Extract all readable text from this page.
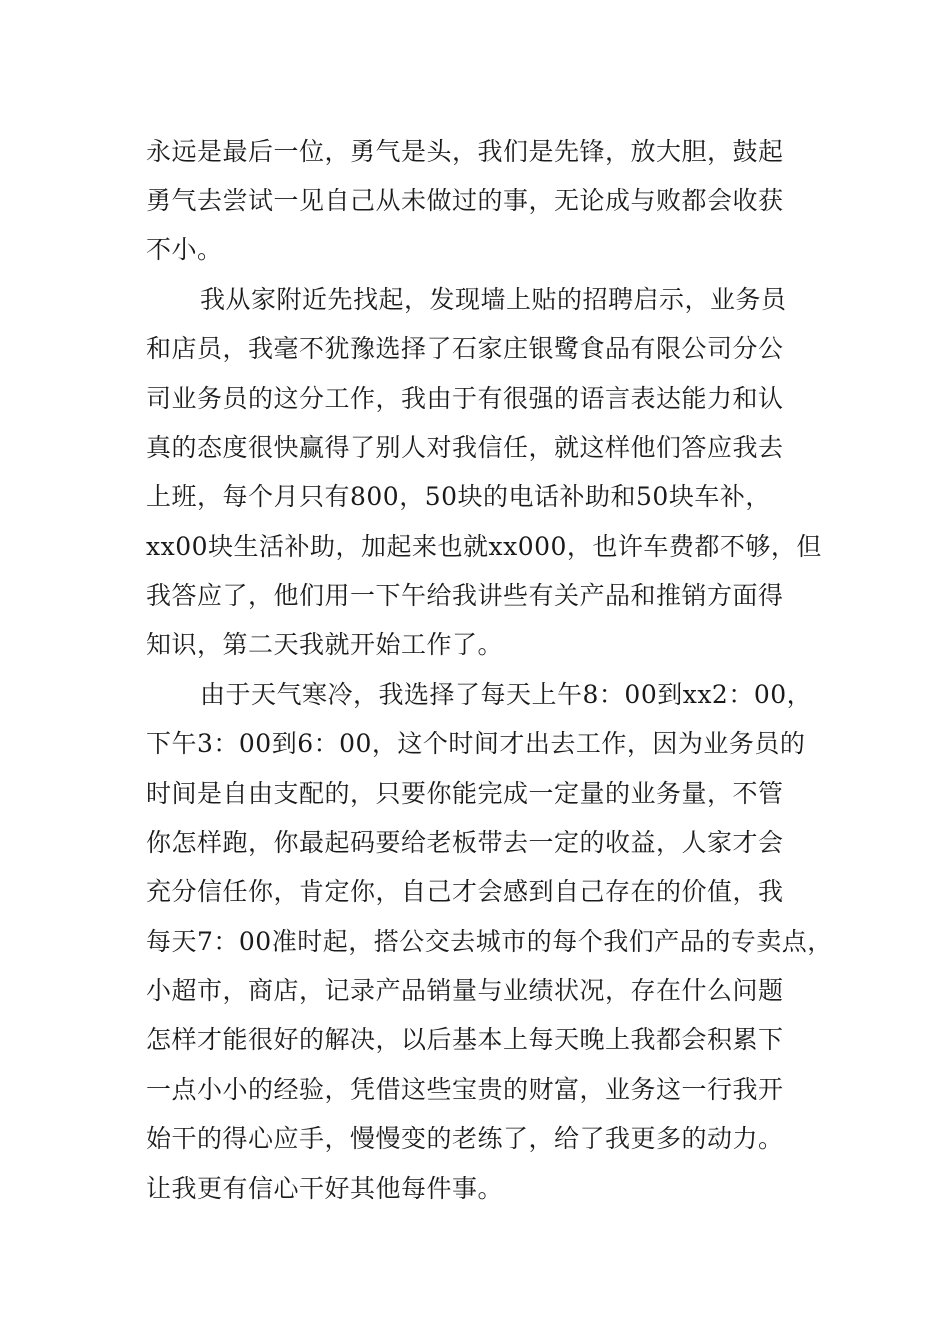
永远是最后一位，勇气是头，我们是先锋，放大胆，鼓起
勇气去尝试一见自己从未做过的事，无论成与败都会收获
不小。
我从家附近先找起，发现墙上贴的招聘启示，业务员
和店员，我毫不犹豫选择了石家庄银鹭食品有限公司分公
司业务员的这分工作，我由于有很强的语言表达能力和认
真的态度很快赢得了别人对我信任，就这样他们答应我去
上班，每个月只有800，50块的电话补助和50块车补，
xx00块生活补助，加起来也就xx000，也许车费都不够，但
我答应了，他们用一下午给我讲些有关产品和推销方面得
知识，第二天我就开始工作了。
由于天气寒冷，我选择了每天上午8：00到xx2：00，
下午3：00到6：00，这个时间才出去工作，因为业务员的
时间是自由支配的，只要你能完成一定量的业务量，不管
你怎样跑，你最起码要给老板带去一定的收益，人家才会
充分信任你，肯定你，自己才会感到自己存在的价值，我
每天7：00准时起，搭公交去城市的每个我们产品的专卖点，
小超市，商店，记录产品销量与业绩状况，存在什么问题
怎样才能很好的解决，以后基本上每天晚上我都会积累下
一点小小的经验，凭借这些宝贵的财富，业务这一行我开
始干的得心应手，慢慢变的老练了，给了我更多的动力。
让我更有信心干好其他每件事。
